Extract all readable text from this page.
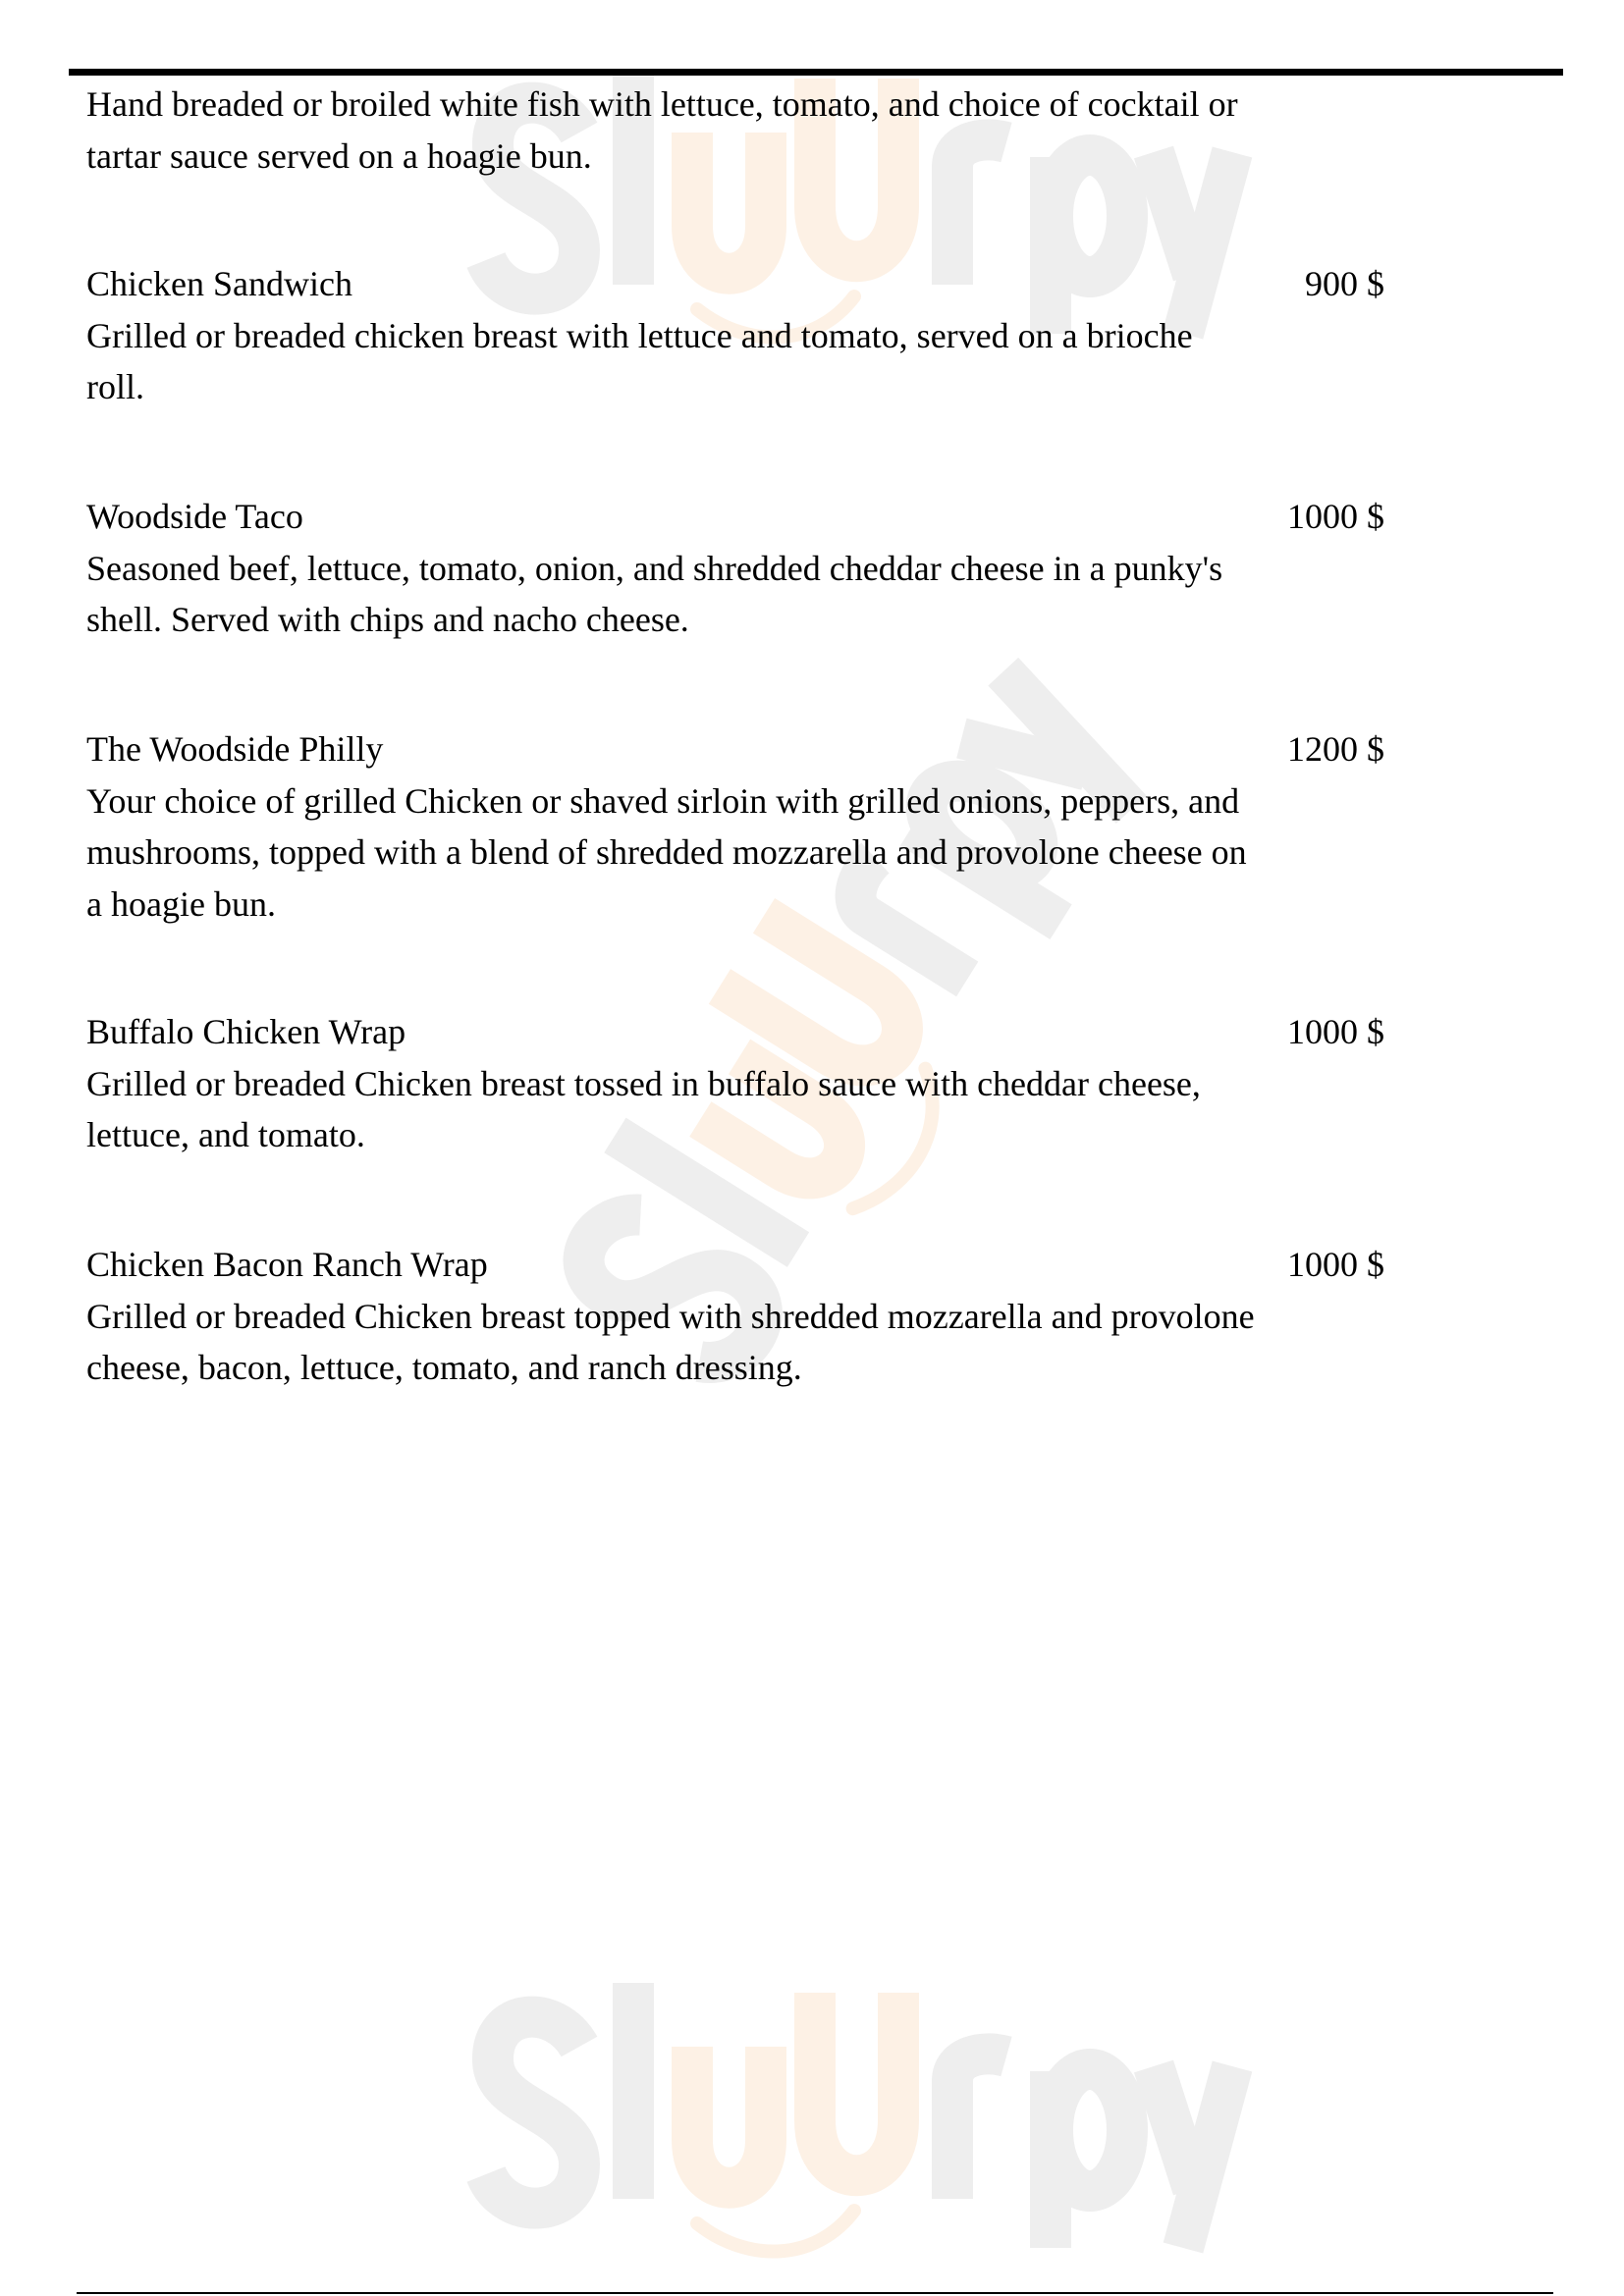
Hand breaded or broiled white fish with lettuce, tomato, and choice of cocktail or tartar sauce served on a hoagie bun.
Chicken Sandwich	900 $
Grilled or breaded chicken breast with lettuce and tomato, served on a brioche roll.
Woodside Taco	1000 $
Seasoned beef, lettuce, tomato, onion, and shredded cheddar cheese in a punky's shell. Served with chips and nacho cheese.
The Woodside Philly	1200 $
Your choice of grilled Chicken or shaved sirloin with grilled onions, peppers, and mushrooms, topped with a blend of shredded mozzarella and provolone cheese on a hoagie bun.
Buffalo Chicken Wrap	1000 $
Grilled or breaded Chicken breast tossed in buffalo sauce with cheddar cheese, lettuce, and tomato.
Chicken Bacon Ranch Wrap	1000 $
Grilled or breaded Chicken breast topped with shredded mozzarella and provolone cheese, bacon, lettuce, tomato, and ranch dressing.
